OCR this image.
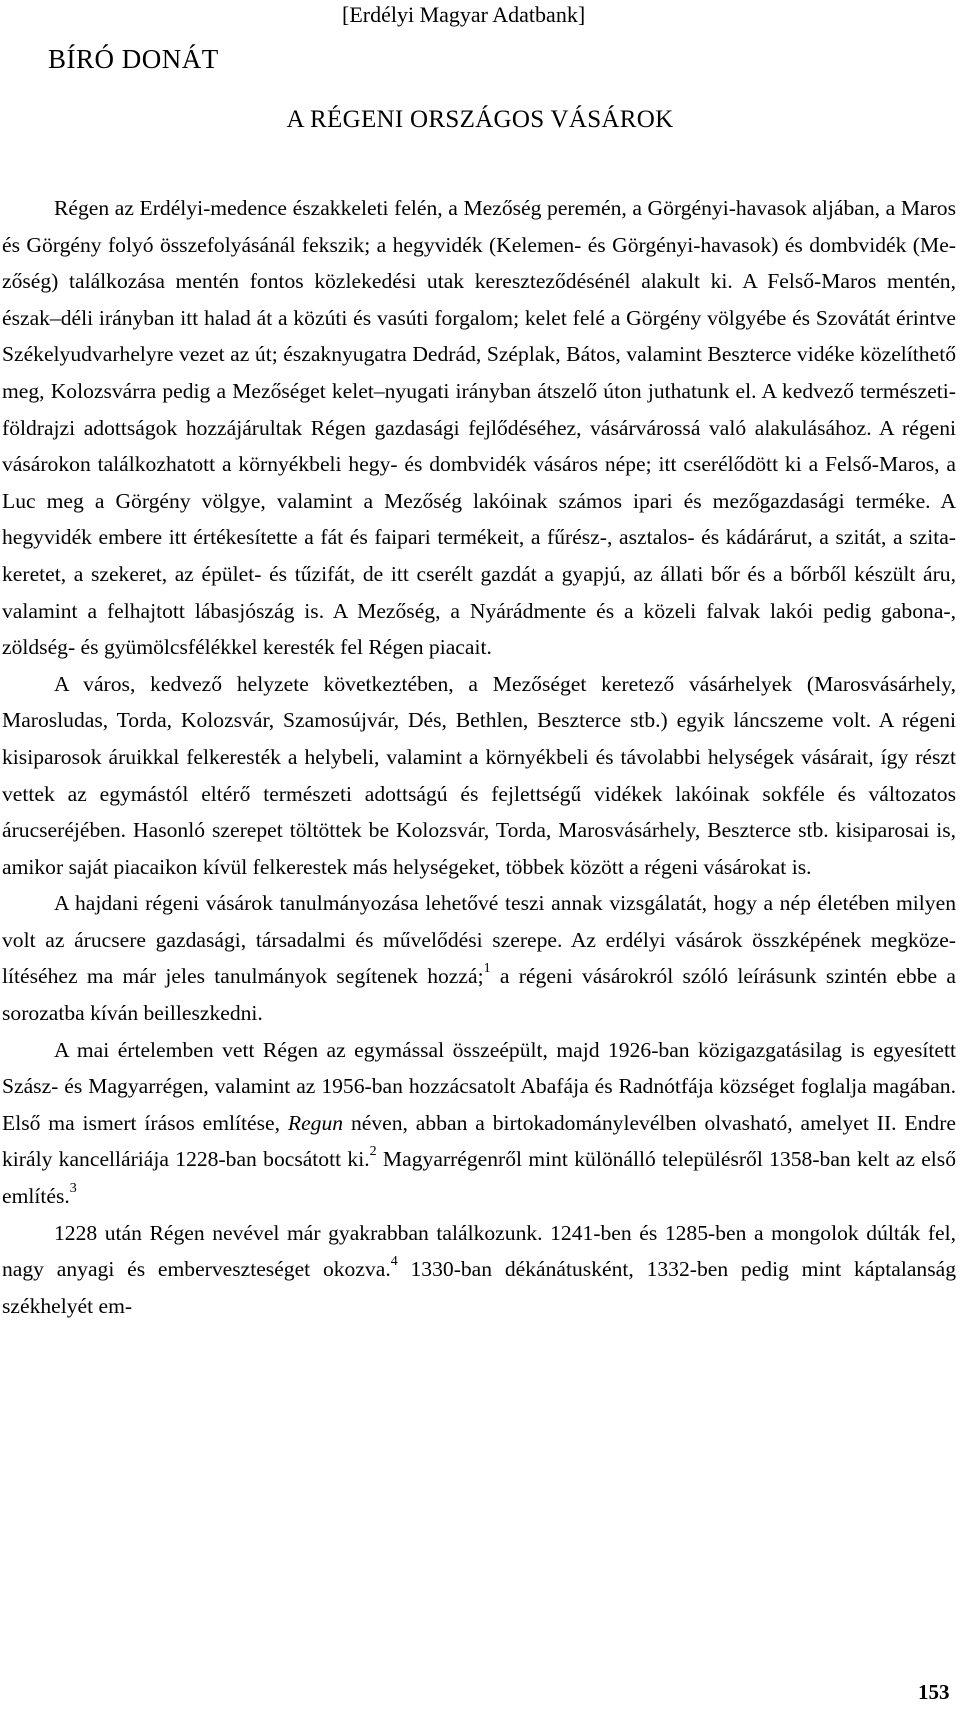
[Erdélyi Magyar Adatbank]
BÍRÓ DONÁT
A RÉGENI ORSZÁGOS VÁSÁROK

Régen az Erdélyi-medence északkeleti felén, a Mezőség peremén, a Görgényi-havasok aljában, a Maros és Görgény folyó összefolyásánál fekszik; a hegyvidék (Kelemen- és Görgényi-havasok) és dombvidék (Mezőség) találkozása mentén fontos közlekedési utak kereszteződésénél alakult ki. A Felső-Maros mentén, észak–déli irányban itt halad át a közúti és vasúti forgalom; kelet felé a Görgény völgyébe és Szovátát érintve Székelyudvarhelyre vezet az út; északnyugatra Dedrád, Széplak, Bátos, valamint Beszterce vidéke közelíthető meg, Kolozsvárra pedig a Mezőséget kelet–nyugati irányban átszelő úton juthatunk el. A kedvező természeti-földrajzi adottságok hozzájárultak Régen gazdasági fejlődéséhez, vásárvárossá való alakulásához. A régeni vásárokon találkozhatott a környékbeli hegy- és dombvidék vásáros népe; itt cserélődött ki a Felső-Maros, a Luc meg a Görgény völgye, valamint a Mezőség lakóinak számos ipari és mezőgazdasági terméke. A hegyvidék embere itt értékesítette a fát és faipari termékeit, a fűrész-, asztalos- és kádárárut, a szitát, a szitakeretet, a szekeret, az épület- és tűzifát, de itt cserélt gazdát a gyapjú, az állati bőr és a bőrből készült áru, valamint a felhajtott lábasjószág is. A Mezőség, a Nyárádmente és a közeli falvak lakói pedig gabona-, zöldség- és gyümölcsfélékkel keresték fel Régen piacait.

A város, kedvező helyzete következtében, a Mezőséget keretező vásárhelyek (Marosvásárhely, Marosludas, Torda, Kolozsvár, Szamosújvár, Dés, Bethlen, Beszterce stb.) egyik láncszeme volt. A régeni kisiparosok áruikkal felkeresték a helybeli, valamint a környékbeli és távolabbi helységek vásárait, így részt vettek az egymástól eltérő természeti adottságú és fejlettségű vidékek lakóinak sokféle és változatos árucseréjében. Hasonló szerepet töltöttek be Kolozsvár, Torda, Marosvásárhely, Beszterce stb. kisiparosai is, amikor saját piacaikon kívül felkerestek más helységeket, többek között a régeni vásárokat is.

A hajdani régeni vásárok tanulmányozása lehetővé teszi annak vizsgálatát, hogy a nép életében milyen volt az árucsere gazdasági, társadalmi és művelődési szerepe. Az erdélyi vásárok összképének megközelítéséhez ma már jeles tanulmányok segítenek hozzá;$^1$ a régeni vásárokról szóló leírásunk szintén ebbe a sorozatba kíván beilleszkedni.

A mai értelemben vett Régen az egymással összeépült, majd 1926-ban közigazgatásilag is egyesített Szász- és Magyarrégen, valamint az 1956-ban hozzácsatolt Abafája és Radnótfája községet foglalja magában. Első ma ismert írásos említése, Regun néven, abban a birtokadománylevélben olvasható, amelyet II. Endre király kancelláriája 1228-ban bocsátott ki.$^2$ Magyarrégenről mint különálló településről 1358-ban kelt az első említés.$^3$

1228 után Régen nevével már gyakrabban találkozunk. 1241-ben és 1285-ben a mongolok dúlták fel, nagy anyagi és emberveszteséget okozva.$^4$ 1330-ban dékánátusként, 1332-ben pedig mint káptalanság székhelyét em-

153
